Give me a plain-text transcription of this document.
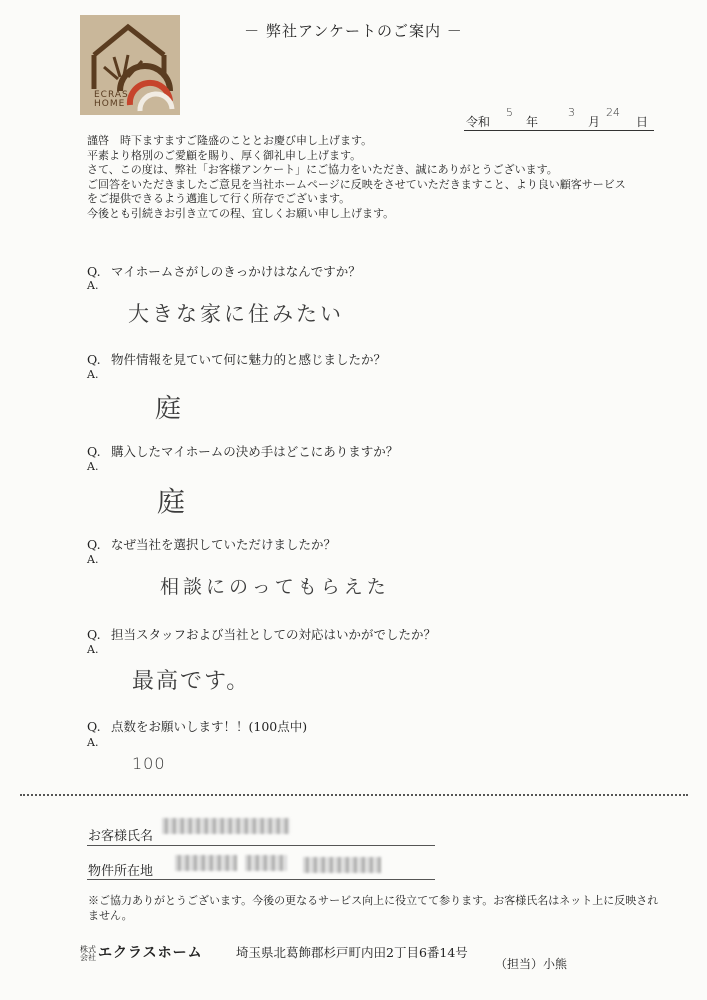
ECRAS
HOME
－ 弊社アンケートのご案内 －
令和
5
年
3
月
24
日
謹啓　時下ますますご隆盛のこととお慶び申し上げます。
平素より格別のご愛顧を賜り、厚く御礼申し上げます。
さて、この度は、弊社「お客様アンケート」にご協力をいただき、誠にありがとうございます。
ご回答をいただきましたご意見を当社ホームページに反映をさせていただきますこと、より良い顧客サービス
をご提供できるよう邁進して行く所存でございます。
今後とも引続きお引き立ての程、宜しくお願い申し上げます。
Q. マイホームさがしのきっかけはなんですか？
A.
大きな家に住みたい
Q. 物件情報を見ていて何に魅力的と感じましたか？
A.
庭
Q. 購入したマイホームの決め手はどこにありますか？
A.
庭
Q. なぜ当社を選択していただけましたか？
A.
相談にのってもらえた
Q. 担当スタッフおよび当社としての対応はいかがでしたか？
A.
最高です。
Q. 点数をお願いします！！(100点中)
A.
100
お客様氏名
物件所在地
※ご協力ありがとうございます。今後の更なるサービス向上に役立てて参ります。お客様氏名はネット上に反映されません。
株式
会社 エクラスホーム	埼玉県北葛飾郡杉戸町内田2丁目6番14号
（担当）小熊
